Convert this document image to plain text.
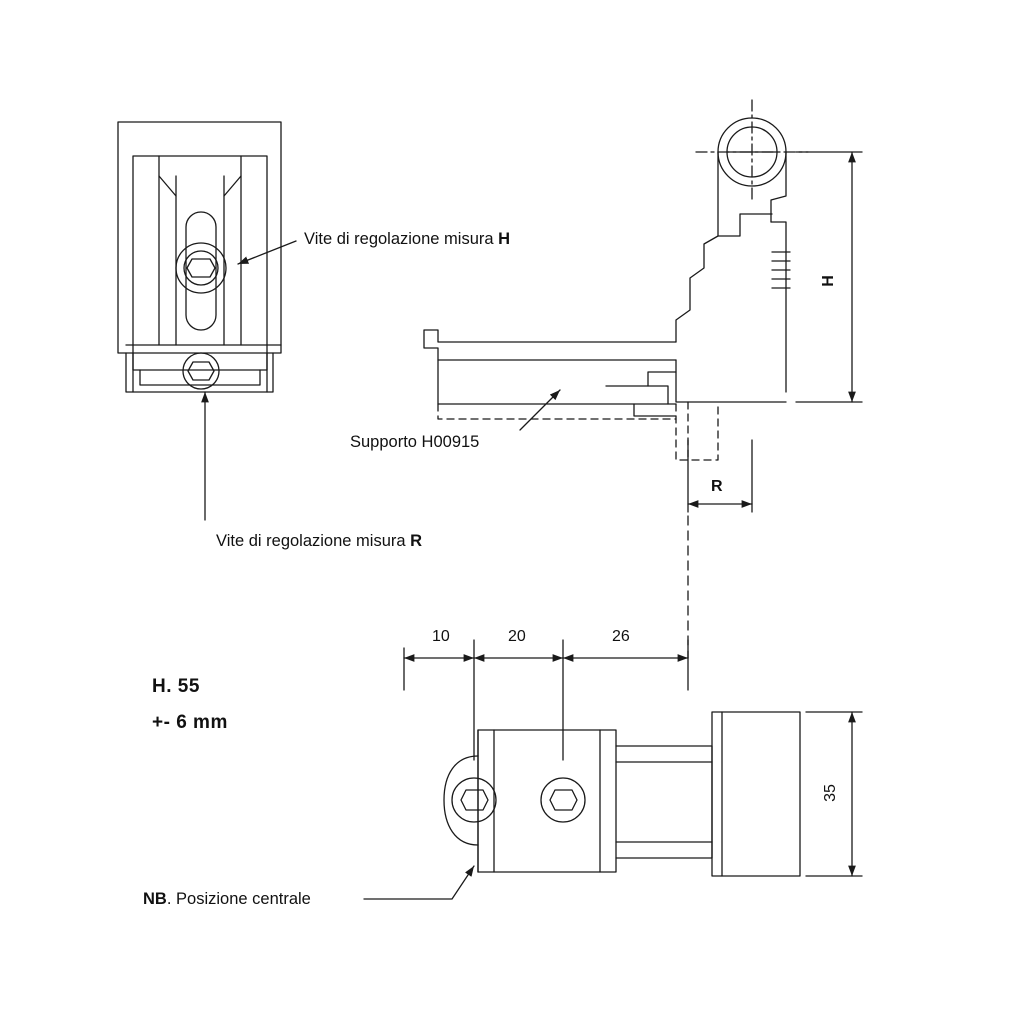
Vite di regolazione misura H
Vite di regolazione misura R
Supporto H00915
NB. Posizione centrale
H. 55
+- 6 mm
H
R
10	20	26
35
